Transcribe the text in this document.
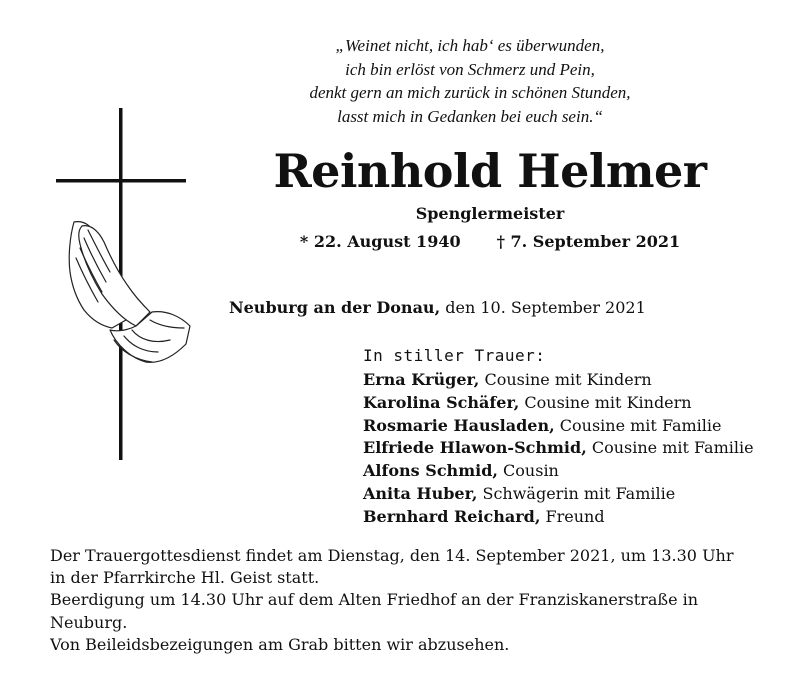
„Weinet nicht, ich hab‘ es überwunden,
ich bin erlöst von Schmerz und Pein,
denkt gern an mich zurück in schönen Stunden,
lasst mich in Gedanken bei euch sein.“
Reinhold Helmer
Spenglermeister
* 22. August 1940 † 7. September 2021
Neuburg an der Donau, den 10. September 2021
In stiller Trauer:
Erna Krüger, Cousine mit Kindern
Karolina Schäfer, Cousine mit Kindern
Rosmarie Hausladen, Cousine mit Familie
Elfriede Hlawon-Schmid, Cousine mit Familie
Alfons Schmid, Cousin
Anita Huber, Schwägerin mit Familie
Bernhard Reichard, Freund
Der Trauergottesdienst findet am Dienstag, den 14. September 2021, um 13.30 Uhr
in der Pfarrkirche Hl. Geist statt.
Beerdigung um 14.30 Uhr auf dem Alten Friedhof an der Franziskanerstraße in
Neuburg.
Von Beileidsbezeigungen am Grab bitten wir abzusehen.
